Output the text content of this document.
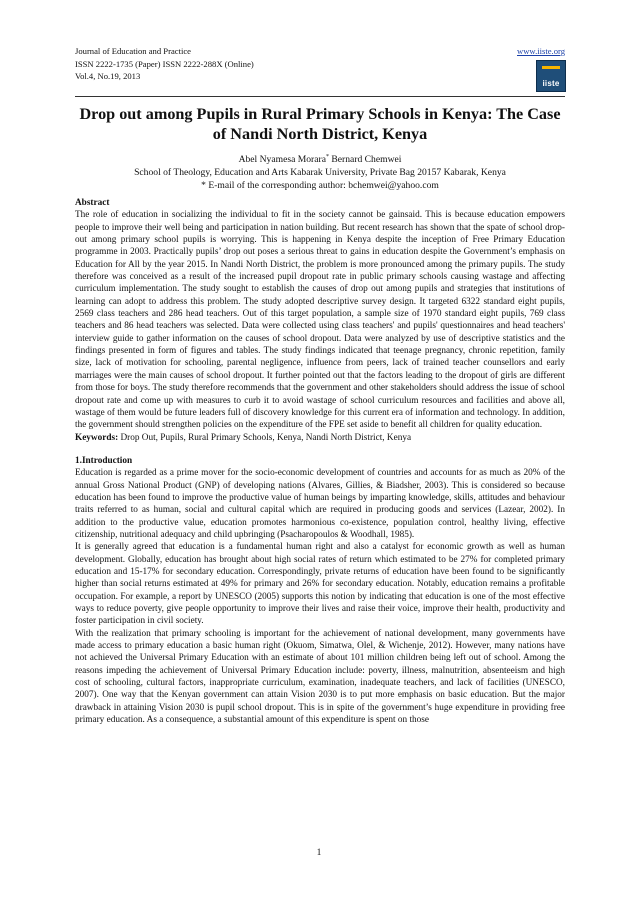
Journal of Education and Practice
ISSN 2222-1735 (Paper) ISSN 2222-288X (Online)
Vol.4, No.19, 2013
www.iiste.org
iiste
Drop out among Pupils in Rural Primary Schools in Kenya: The Case of Nandi North District, Kenya
Abel Nyamesa Morara* Bernard Chemwei
School of Theology, Education and Arts Kabarak University, Private Bag 20157 Kabarak, Kenya
* E-mail of the corresponding author: bchemwei@yahoo.com

Abstract

The role of education in socializing the individual to fit in the society cannot be gainsaid. This is because education empowers people to improve their well being and participation in nation building. But recent research has shown that the spate of school drop-out among primary school pupils is worrying. This is happening in Kenya despite the inception of Free Primary Education programme in 2003. Practically pupils’ drop out poses a serious threat to gains in education despite the Government’s emphasis on Education for All by the year 2015. In Nandi North District, the problem is more pronounced among the primary pupils. The study therefore was conceived as a result of the increased pupil dropout rate in public primary schools causing wastage and affecting curriculum implementation. The study sought to establish the causes of drop out among pupils and strategies that institutions of learning can adopt to address this problem. The study adopted descriptive survey design. It targeted 6322 standard eight pupils, 2569 class teachers and 286 head teachers. Out of this target population, a sample size of 1970 standard eight pupils, 769 class teachers and 86 head teachers was selected. Data were collected using class teachers' and pupils' questionnaires and head teachers' interview guide to gather information on the causes of school dropout. Data were analyzed by use of descriptive statistics and the findings presented in form of figures and tables. The study findings indicated that teenage pregnancy, chronic repetition, family size, lack of motivation for schooling, parental negligence, influence from peers, lack of trained teacher counsellors and early marriages were the main causes of school dropout. It further pointed out that the factors leading to the dropout of girls are different from those for boys. The study therefore recommends that the government and other stakeholders should address the issue of school dropout rate and come up with measures to curb it to avoid wastage of school curriculum resources and facilities and above all, wastage of them would be future leaders full of discovery knowledge for this current era of information and technology. In addition, the government should strengthen policies on the expenditure of the FPE set aside to benefit all children for quality education.

Keywords: Drop Out, Pupils, Rural Primary Schools, Kenya, Nandi North District, Kenya

1.Introduction

Education is regarded as a prime mover for the socio-economic development of countries and accounts for as much as 20% of the annual Gross National Product (GNP) of developing nations (Alvares, Gillies, & Biadsher, 2003). This is considered so because education has been found to improve the productive value of human beings by imparting knowledge, skills, attitudes and behaviour traits referred to as human, social and cultural capital which are required in producing goods and services (Lazear, 2002). In addition to the productive value, education promotes harmonious co-existence, population control, healthy living, effective citizenship, nutritional adequacy and child upbringing (Psacharopoulos & Woodhall, 1985).

It is generally agreed that education is a fundamental human right and also a catalyst for economic growth as well as human development. Globally, education has brought about high social rates of return which estimated to be 27% for completed primary education and 15-17% for secondary education. Correspondingly, private returns of education have been found to be significantly higher than social returns estimated at 49% for primary and 26% for secondary education. Notably, education remains a profitable occupation. For example, a report by UNESCO (2005) supports this notion by indicating that education is one of the most effective ways to reduce poverty, give people opportunity to improve their lives and raise their voice, improve their health, productivity and foster participation in civil society.

With the realization that primary schooling is important for the achievement of national development, many governments have made access to primary education a basic human right (Okuom, Simatwa, Olel, & Wichenje, 2012). However, many nations have not achieved the Universal Primary Education with an estimate of about 101 million children being left out of school. Among the reasons impeding the achievement of Universal Primary Education include: poverty, illness, malnutrition, absenteeism and high cost of schooling, cultural factors, inappropriate curriculum, examination, inadequate teachers, and lack of facilities (UNESCO, 2007). One way that the Kenyan government can attain Vision 2030 is to put more emphasis on basic education. But the major drawback in attaining Vision 2030 is pupil school dropout. This is in spite of the government’s huge expenditure in providing free primary education. As a consequence, a substantial amount of this expenditure is spent on those

1
